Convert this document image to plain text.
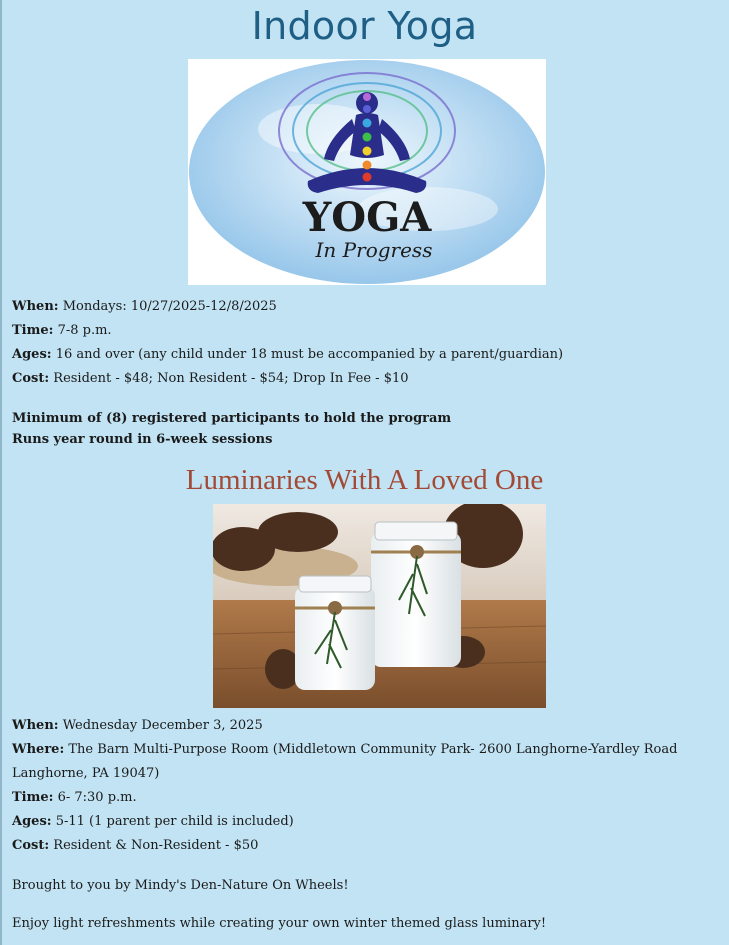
Indoor Yoga
YOGA
In Progress
When: Mondays: 10/27/2025-12/8/2025
Time: 7-8 p.m.
Ages: 16 and over (any child under 18 must be accompanied by a parent/guardian)
Cost: Resident - $48; Non Resident - $54; Drop In Fee - $10
Minimum of (8) registered participants to hold the program
Runs year round in 6-week sessions
Luminaries With A Loved One
When: Wednesday December 3, 2025
Where: The Barn Multi-Purpose Room (Middletown Community Park- 2600 Langhorne-Yardley Road
Langhorne, PA 19047)
Time: 6- 7:30 p.m.
Ages: 5-11 (1 parent per child is included)
Cost: Resident & Non-Resident - $50
Brought to you by Mindy's Den-Nature On Wheels!
Enjoy light refreshments while creating your own winter themed glass luminary!
